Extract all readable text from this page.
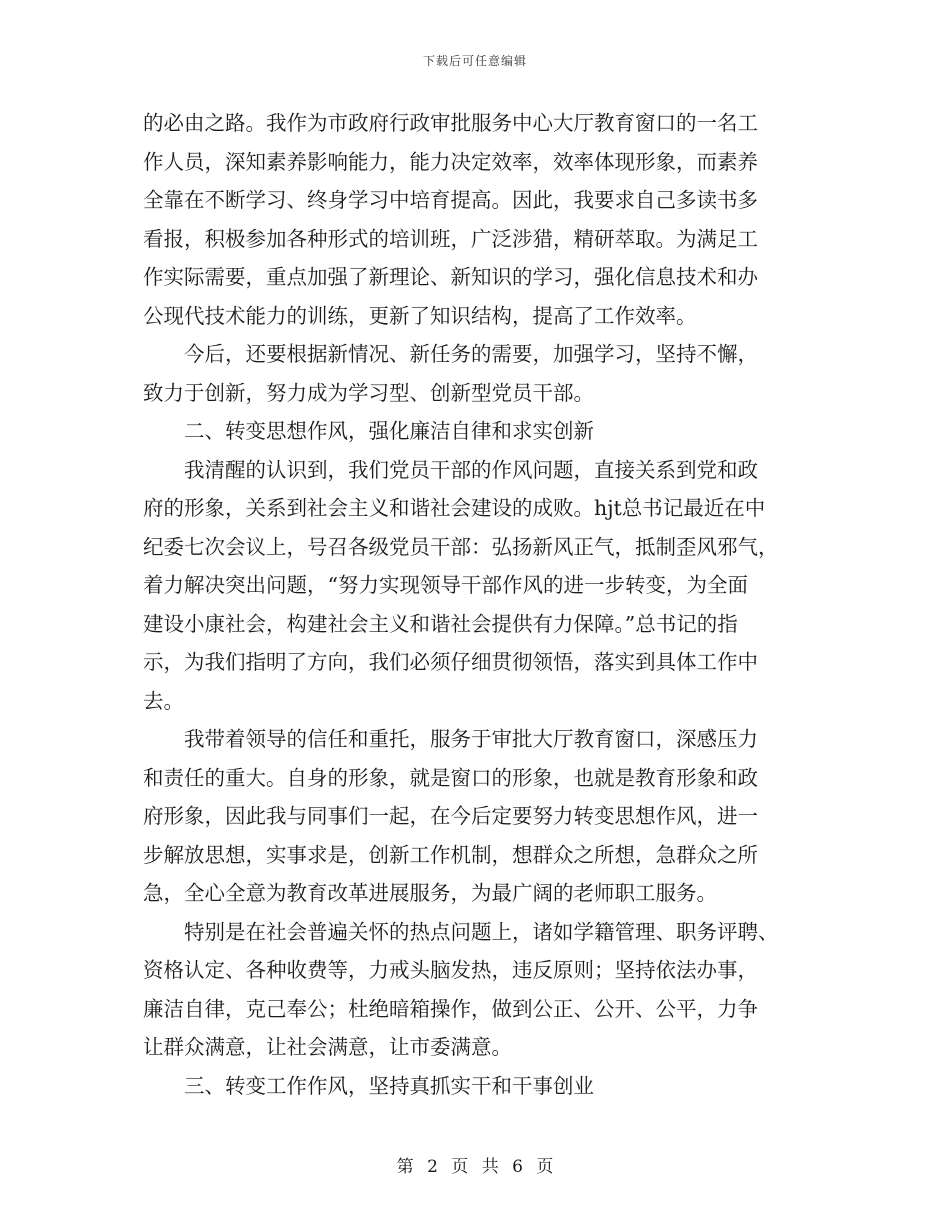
下载后可任意编辑
的必由之路。我作为市政府行政审批服务中心大厅教育窗口的一名工
作人员，深知素养影响能力，能力决定效率，效率体现形象，而素养
全靠在不断学习、终身学习中培育提高。因此，我要求自己多读书多
看报，积极参加各种形式的培训班，广泛涉猎，精研萃取。为满足工
作实际需要，重点加强了新理论、新知识的学习，强化信息技术和办
公现代技术能力的训练，更新了知识结构，提高了工作效率。
　　今后，还要根据新情况、新任务的需要，加强学习，坚持不懈，
致力于创新，努力成为学习型、创新型党员干部。
　　二、转变思想作风，强化廉洁自律和求实创新
　　我清醒的认识到，我们党员干部的作风问题，直接关系到党和政
府的形象，关系到社会主义和谐社会建设的成败。hjt总书记最近在中
纪委七次会议上，号召各级党员干部：弘扬新风正气，抵制歪风邪气，
着力解决突出问题，“努力实现领导干部作风的进一步转变，为全面
建设小康社会，构建社会主义和谐社会提供有力保障。”总书记的指
示，为我们指明了方向，我们必须仔细贯彻领悟，落实到具体工作中
去。
　　我带着领导的信任和重托，服务于审批大厅教育窗口，深感压力
和责任的重大。自身的形象，就是窗口的形象，也就是教育形象和政
府形象，因此我与同事们一起，在今后定要努力转变思想作风，进一
步解放思想，实事求是，创新工作机制，想群众之所想，急群众之所
急，全心全意为教育改革进展服务，为最广阔的老师职工服务。
　　特别是在社会普遍关怀的热点问题上，诸如学籍管理、职务评聘、
资格认定、各种收费等，力戒头脑发热，违反原则；坚持依法办事，
廉洁自律，克己奉公；杜绝暗箱操作，做到公正、公开、公平，力争
让群众满意，让社会满意，让市委满意。
　　三、转变工作作风，坚持真抓实干和干事创业
第 2 页 共 6 页
